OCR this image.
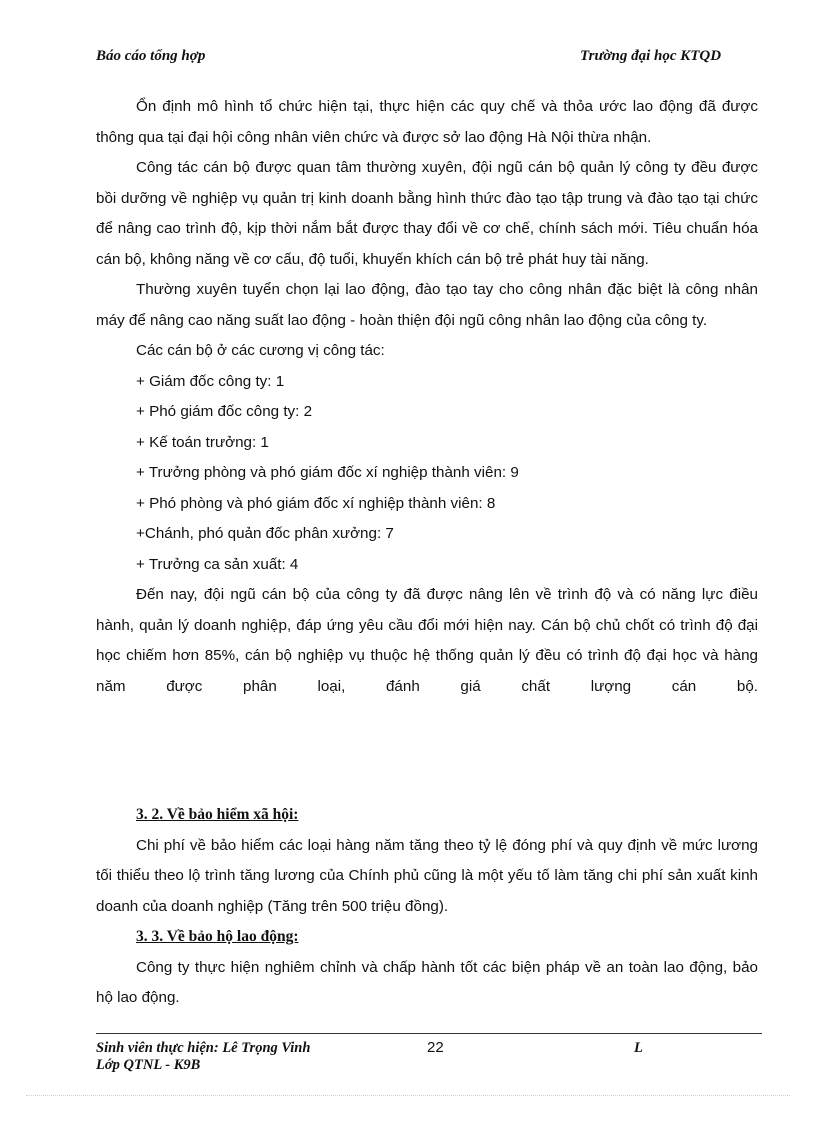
Báo cáo tổng hợp	Trường đại học KTQD

Ổn định mô hình tổ chức hiện tại, thực hiện các quy chế và thỏa ước lao động đã được thông qua tại đại hội công nhân viên chức và được sở lao động Hà Nội thừa nhận.

Công tác cán bộ được quan tâm thường xuyên, đội ngũ cán bộ quản lý công ty đều được bồi dưỡng về nghiệp vụ quản trị kinh doanh bằng hình thức đào tạo tập trung và đào tạo tại chức để nâng cao trình độ, kịp thời nắm bắt được thay đổi về cơ chế, chính sách mới. Tiêu chuẩn hóa cán bộ, không năng về cơ cấu, độ tuổi, khuyến khích cán bộ trẻ phát huy tài năng.

Thường xuyên tuyển chọn lại lao động, đào tạo tay cho công nhân đặc biệt là công nhân máy để nâng cao năng suất lao động - hoàn thiện đội ngũ công nhân lao động của công ty.

Các cán bộ ở các cương vị công tác:

+ Giám đốc công ty: 1
+ Phó giám đốc công ty: 2
+ Kế toán trưởng: 1
+ Trưởng phòng và phó giám đốc xí nghiệp thành viên: 9
+ Phó phòng và phó giám đốc xí nghiệp thành viên: 8
+Chánh, phó quản đốc phân xưởng: 7
+ Trưởng ca sản xuất: 4

Đến nay, đội ngũ cán bộ của công ty đã được nâng lên về trình độ và có năng lực điều hành, quản lý doanh nghiệp, đáp ứng yêu cầu đổi mới hiện nay. Cán bộ chủ chốt có trình độ đại học chiếm hơn 85%, cán bộ nghiệp vụ thuộc hệ thống quản lý đều có trình độ đại học và hàng năm được phân loại, đánh giá chất lượng cán bộ.

3. 2. Về bảo hiểm xã hội:

Chi phí về bảo hiểm các loại hàng năm tăng theo tỷ lệ đóng phí và quy định về mức lương tối thiểu theo lộ trình tăng lương của Chính phủ cũng là một yếu tố làm tăng chi phí sản xuất kinh doanh của doanh nghiệp (Tăng trên 500 triệu đồng).

3. 3. Về bảo hộ lao động:

Công ty thực hiện nghiêm chỉnh và chấp hành tốt các biện pháp về an toàn lao động, bảo hộ lao động.

Sinh viên thực hiện: Lê Trọng Vinh
Lớp QTNL - K9B
22	L
